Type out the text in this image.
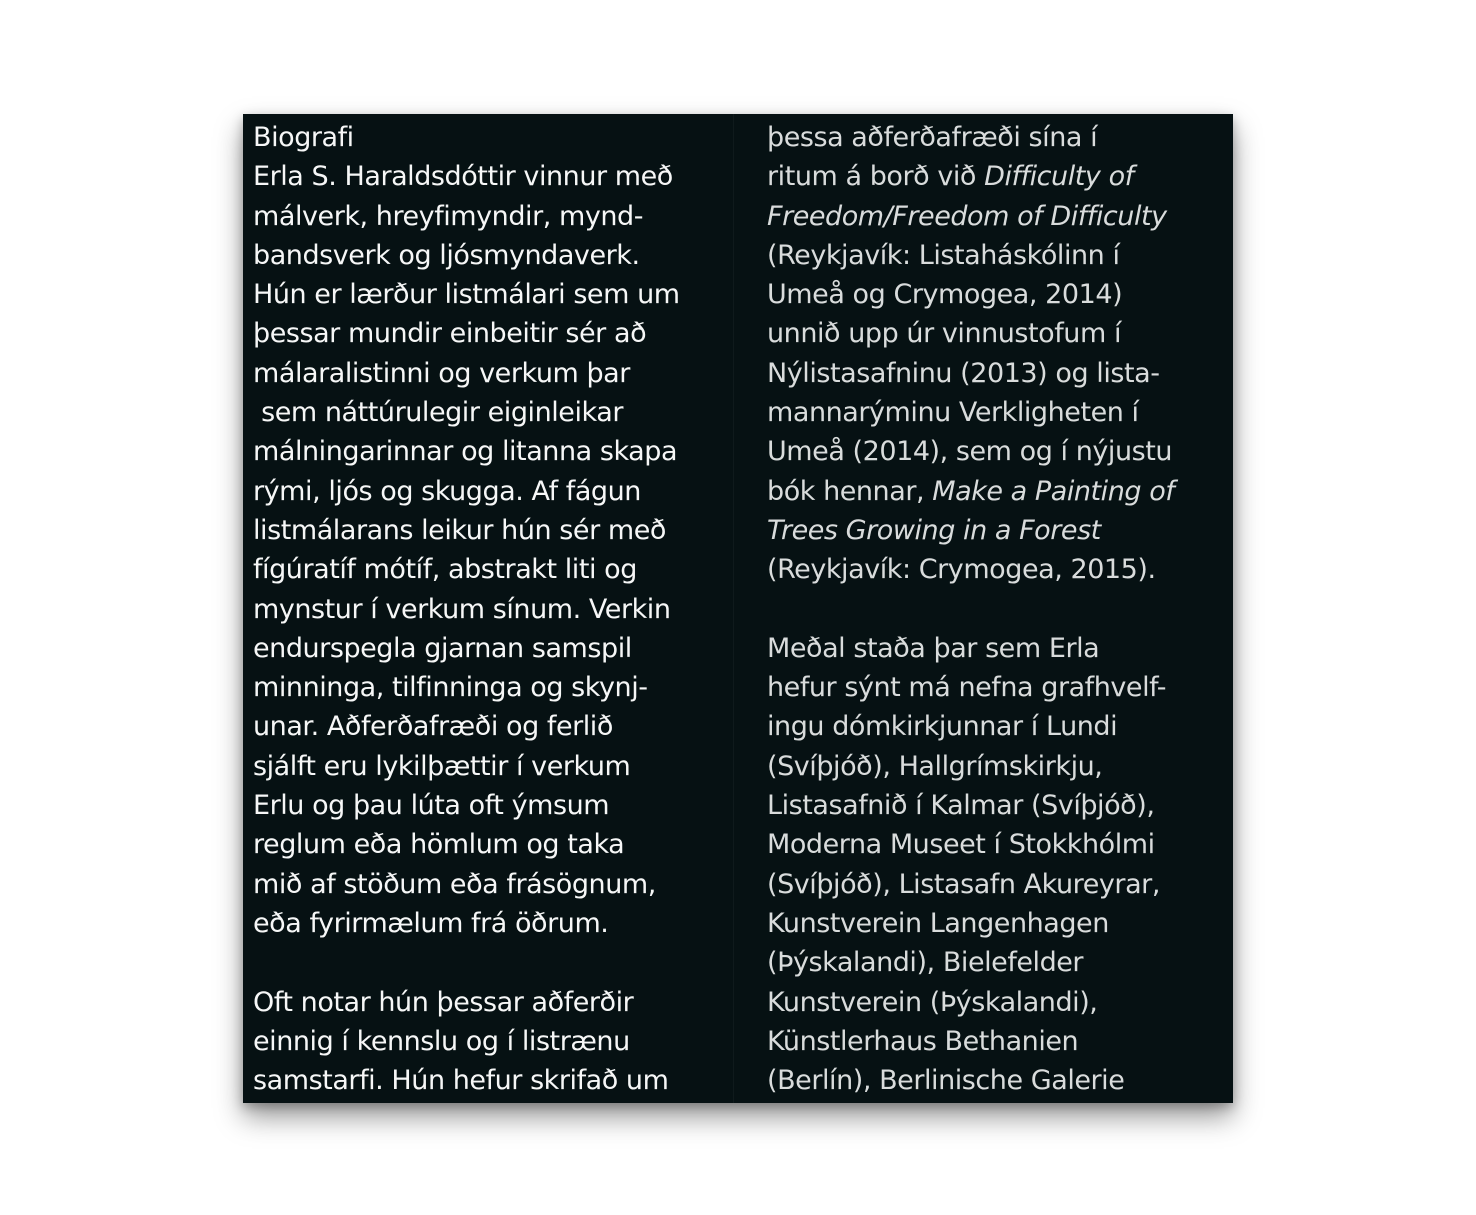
Biografi
Erla S. Haraldsdóttir vinnur með
málverk, hreyfimyndir, mynd-
bandsverk og ljósmyndaverk.
Hún er lærður listmálari sem um
þessar mundir einbeitir sér að
málaralistinni og verkum þar
sem náttúrulegir eiginleikar
málningarinnar og litanna skapa
rými, ljós og skugga. Af fágun
listmálarans leikur hún sér með
fígúratíf mótíf, abstrakt liti og
mynstur í verkum sínum. Verkin
endurspegla gjarnan samspil
minninga, tilfinninga og skynj-
unar. Aðferðafræði og ferlið
sjálft eru lykilþættir í verkum
Erlu og þau lúta oft ýmsum
reglum eða hömlum og taka
mið af stöðum eða frásögnum,
eða fyrirmælum frá öðrum.
Oft notar hún þessar aðferðir
einnig í kennslu og í listrænu
samstarfi. Hún hefur skrifað um
þessa aðferðafræði sína í
ritum á borð við Difficulty of
Freedom/Freedom of Difficulty
(Reykjavík: Listaháskólinn í
Umeå og Crymogea, 2014)
unnið upp úr vinnustofum í
Nýlistasafninu (2013) og lista-
mannarýminu Verkligheten í
Umeå (2014), sem og í nýjustu
bók hennar, Make a Painting of
Trees Growing in a Forest
(Reykjavík: Crymogea, 2015).
Meðal staða þar sem Erla
hefur sýnt má nefna grafhvelf-
ingu dómkirkjunnar í Lundi
(Svíþjóð), Hallgrímskirkju,
Listasafnið í Kalmar (Svíþjóð),
Moderna Museet í Stokkhólmi
(Svíþjóð), Listasafn Akureyrar,
Kunstverein Langenhagen
(Þýskalandi), Bielefelder
Kunstverein (Þýskalandi),
Künstlerhaus Bethanien
(Berlín), Berlinische Galerie
